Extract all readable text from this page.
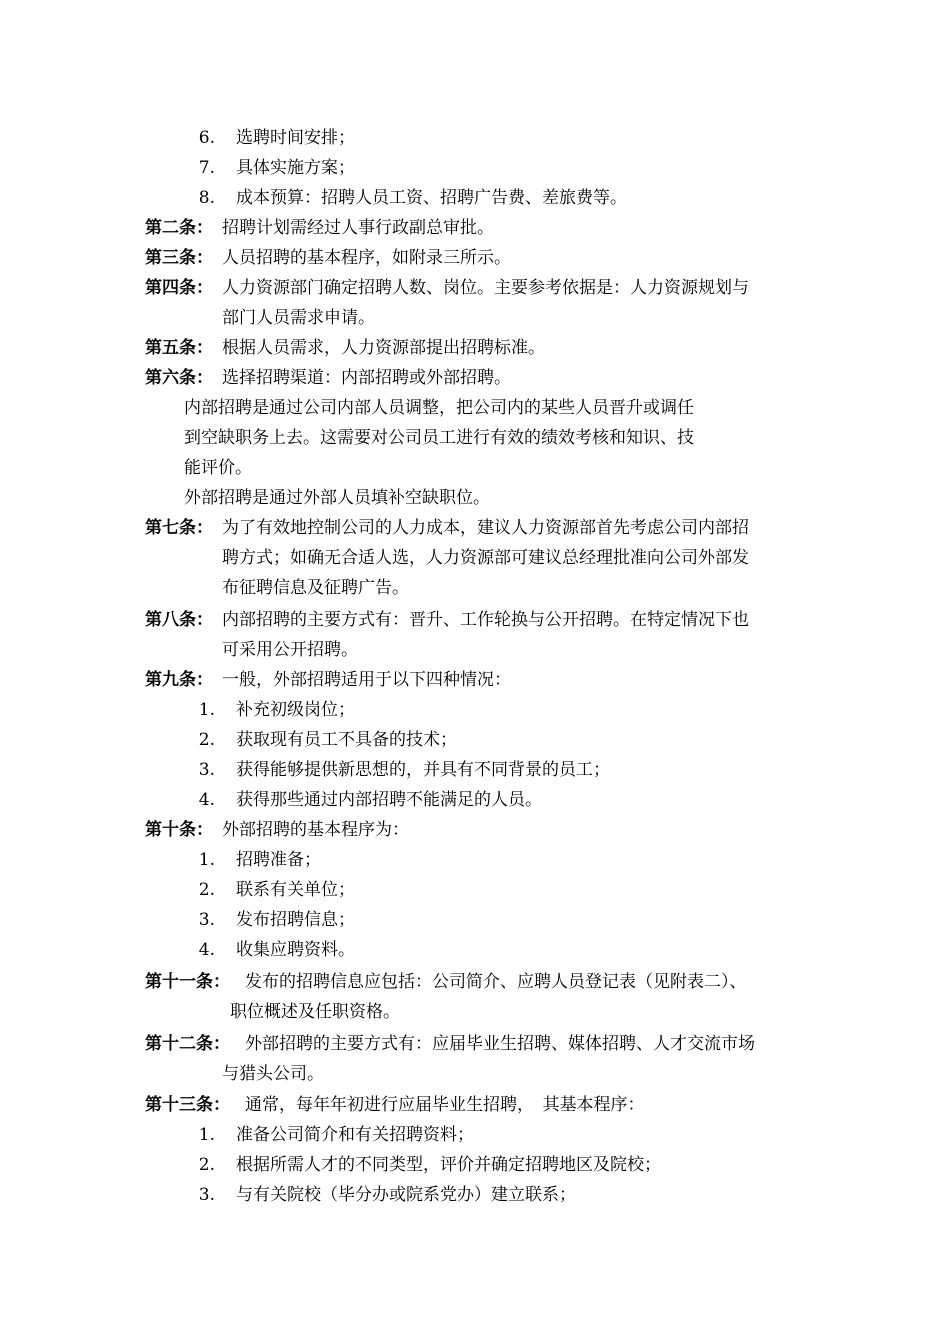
6. 选聘时间安排；
7. 具体实施方案；
8. 成本预算：招聘人员工资、招聘广告费、差旅费等。
第二条： 招聘计划需经过人事行政副总审批。
第三条： 人员招聘的基本程序，如附录三所示。
第四条： 人力资源部门确定招聘人数、岗位。主要参考依据是：人力资源规划与
部门人员需求申请。
第五条： 根据人员需求，人力资源部提出招聘标准。
第六条： 选择招聘渠道：内部招聘或外部招聘。
内部招聘是通过公司内部人员调整，把公司内的某些人员晋升或调任
到空缺职务上去。这需要对公司员工进行有效的绩效考核和知识、技
能评价。
外部招聘是通过外部人员填补空缺职位。
第七条： 为了有效地控制公司的人力成本，建议人力资源部首先考虑公司内部招
聘方式；如确无合适人选，人力资源部可建议总经理批准向公司外部发
布征聘信息及征聘广告。
第八条： 内部招聘的主要方式有：晋升、工作轮换与公开招聘。在特定情况下也
可采用公开招聘。
第九条： 一般，外部招聘适用于以下四种情况：
1. 补充初级岗位；
2. 获取现有员工不具备的技术；
3. 获得能够提供新思想的，并具有不同背景的员工；
4. 获得那些通过内部招聘不能满足的人员。
第十条： 外部招聘的基本程序为：
1. 招聘准备；
2. 联系有关单位；
3. 发布招聘信息；
4. 收集应聘资料。
第十一条： 发布的招聘信息应包括：公司简介、应聘人员登记表（见附表二）、
职位概述及任职资格。
第十二条： 外部招聘的主要方式有：应届毕业生招聘、媒体招聘、人才交流市场
与猎头公司。
第十三条： 通常，每年年初进行应届毕业生招聘，　其基本程序：
1. 准备公司简介和有关招聘资料；
2. 根据所需人才的不同类型，评价并确定招聘地区及院校；
3. 与有关院校（毕分办或院系党办）建立联系；
